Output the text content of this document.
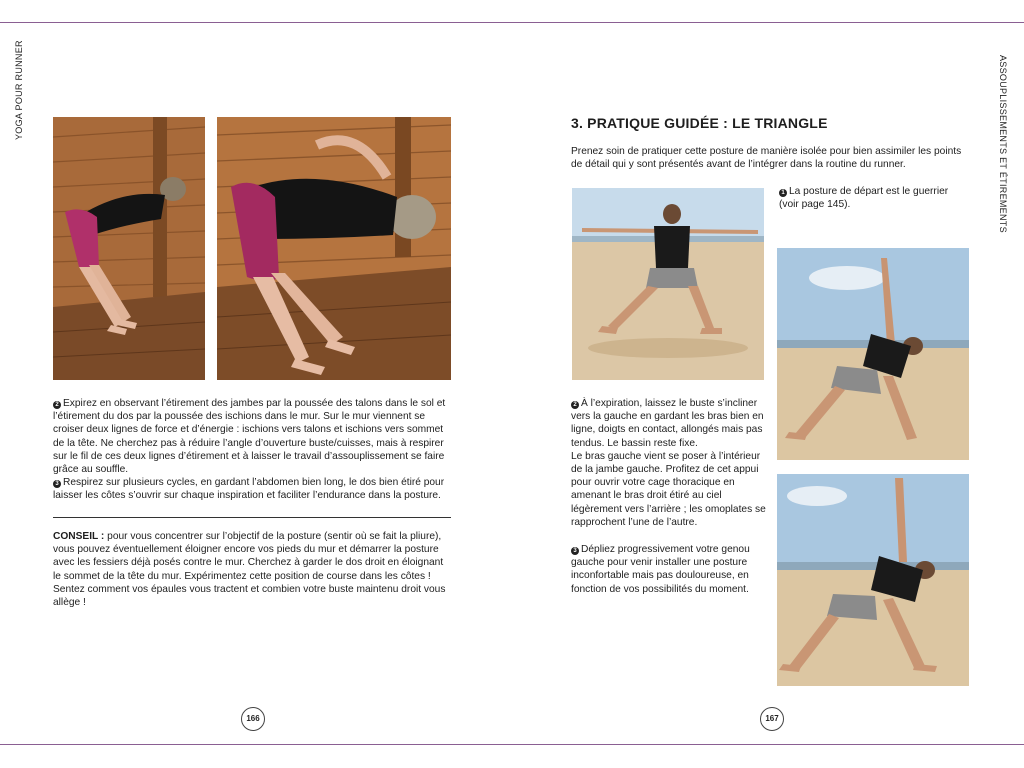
YOGA POUR RUNNER	ASSOUPLISSEMENTS ET ÉTIREMENTS

2 Expirez en observant l’étirement des jambes par la poussée des talons dans le sol et l’étirement du dos par la poussée des ischions dans le mur. Sur le mur viennent se croiser deux lignes de force et d’énergie : ischions vers talons et ischions vers sommet de la tête. Ne cherchez pas à réduire l’angle d’ouverture buste/cuisses, mais à respirer sur le fil de ces deux lignes d’étirement et à laisser le travail d’assouplissement se faire grâce au souffle.

3 Respirez sur plusieurs cycles, en gardant l’abdomen bien long, le dos bien étiré pour laisser les côtes s’ouvrir sur chaque inspiration et faciliter l’endurance dans la posture.

CONSEIL : pour vous concentrer sur l’objectif de la posture (sentir où se fait la pliure), vous pouvez éventuellement éloigner encore vos pieds du mur et démarrer la posture avec les fessiers déjà posés contre le mur. Cherchez à garder le dos droit en éloignant le sommet de la tête du mur. Expérimentez cette position de course dans les côtes ! Sentez comment vos épaules vous tractent et combien votre buste maintenu droit vous allège !

166
3. PRATIQUE GUIDÉE : LE TRIANGLE
Prenez soin de pratiquer cette posture de manière isolée pour bien assimiler les points de détail qui y sont présentés avant de l’intégrer dans la routine du runner.

1 La posture de départ est le guerrier (voir page 145).

2 À l’expiration, laissez le buste s’incliner vers la gauche en gardant les bras bien en ligne, doigts en contact, allongés mais pas tendus. Le bassin reste fixe.

Le bras gauche vient se poser à l’intérieur de la jambe gauche. Profitez de cet appui pour ouvrir votre cage thoracique en amenant le bras droit étiré au ciel légèrement vers l’arrière ; les omoplates se rapprochent l’une de l’autre.

3 Dépliez progressivement votre genou gauche pour venir installer une posture inconfortable mais pas douloureuse, en fonction de vos possibilités du moment.

167
